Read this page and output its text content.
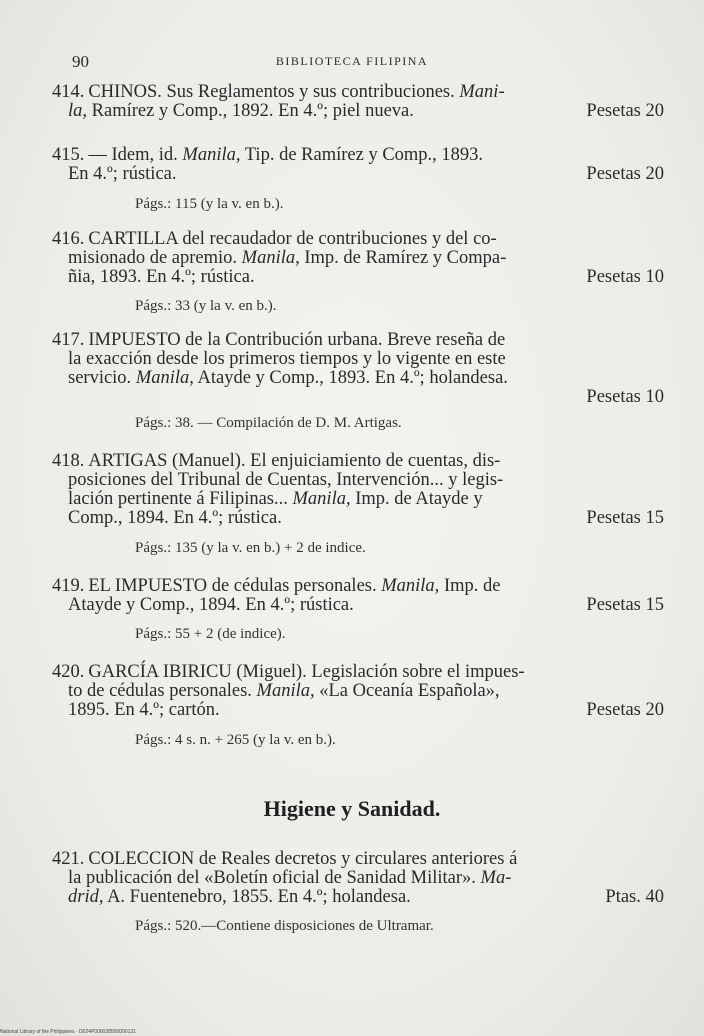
90	BIBLIOTECA FILIPINA
414. CHINOS. Sus Reglamentos y sus contribuciones. Mani-
la, Ramírez y Comp., 1892. En 4.º; piel nueva.	Pesetas 20
415. — Idem, id. Manila, Tip. de Ramírez y Comp., 1893.
En 4.º; rústica.	Pesetas 20
Págs.: 115 (y la v. en b.).
416. CARTILLA del recaudador de contribuciones y del co-
misionado de apremio. Manila, Imp. de Ramírez y Compa-
ñia, 1893. En 4.º; rústica.	Pesetas 10
Págs.: 33 (y la v. en b.).
417. IMPUESTO de la Contribución urbana. Breve reseña de
la exacción desde los primeros tiempos y lo vigente en este
servicio. Manila, Atayde y Comp., 1893. En 4.º; holandesa.
Pesetas 10
Págs.: 38. — Compilación de D. M. Artigas.
418. ARTIGAS (Manuel). El enjuiciamiento de cuentas, dis-
posiciones del Tribunal de Cuentas, Intervención... y legis-
lación pertinente á Filipinas... Manila, Imp. de Atayde y
Comp., 1894. En 4.º; rústica.	Pesetas 15
Págs.: 135 (y la v. en b.) + 2 de indice.
419. EL IMPUESTO de cédulas personales. Manila, Imp. de
Atayde y Comp., 1894. En 4.º; rústica.	Pesetas 15
Págs.: 55 + 2 (de indice).
420. GARCÍA IBIRICU (Miguel). Legislación sobre el impues-
to de cédulas personales. Manila, «La Oceanía Española»,
1895. En 4.º; cartón.	Pesetas 20
Págs.: 4 s. n. + 265 (y la v. en b.).
Higiene y Sanidad.
421. COLECCION de Reales decretos y circulares anteriores á
la publicación del «Boletín oficial de Sanidad Militar». Ma-
drid, A. Fuentenebro, 1855. En 4.º; holandesa.	Ptas. 40
Págs.: 520.—Contiene disposiciones de Ultramar.
National Library of the Philippines · D024P000038500000131
